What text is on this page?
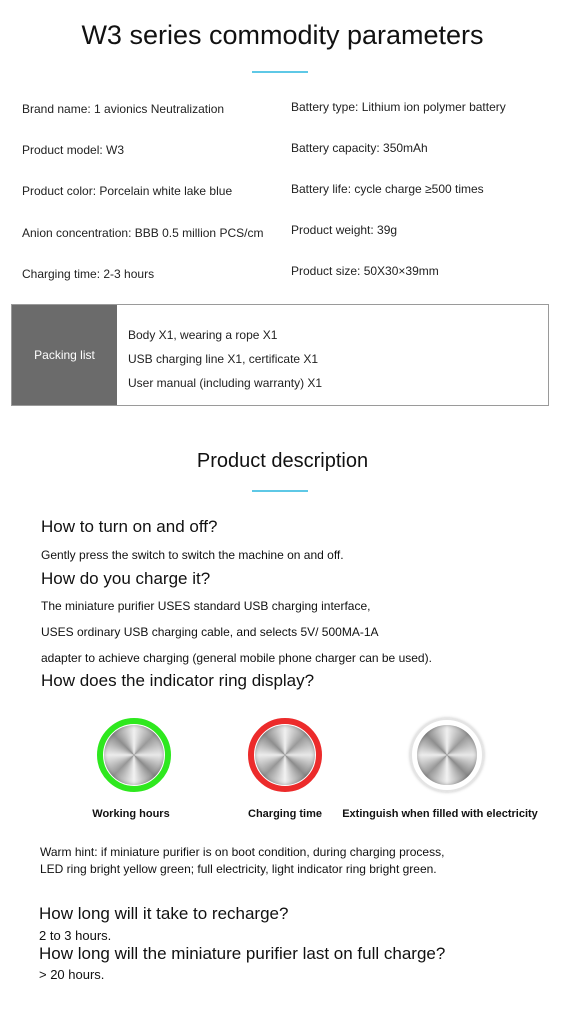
W3 series commodity parameters
Brand name: 1 avionics Neutralization
Product model: W3
Product color: Porcelain white lake blue
Anion concentration: BBB 0.5 million PCS/cm
Charging time: 2-3 hours
Battery type: Lithium ion polymer battery
Battery capacity: 350mAh
Battery life: cycle charge ≥500 times
Product weight: 39g
Product size: 50X30×39mm
Packing list
Body X1, wearing a rope X1
USB charging line X1, certificate X1
User manual (including warranty) X1
Product description
How to turn on and off?
Gently press the switch to switch the machine on and off.
How do you charge it?
The miniature purifier USES standard USB charging interface,
USES ordinary USB charging cable, and selects 5V/ 500MA-1A
adapter to achieve charging (general mobile phone charger can be used).
How does the indicator ring display?
Working hours	Charging time	Extinguish when filled with electricity
Warm hint: if miniature purifier is on boot condition, during charging process,
LED ring bright yellow green; full electricity, light indicator ring bright green.
How long will it take to recharge?
2 to 3 hours.
How long will the miniature purifier last on full charge?
> 20 hours.
